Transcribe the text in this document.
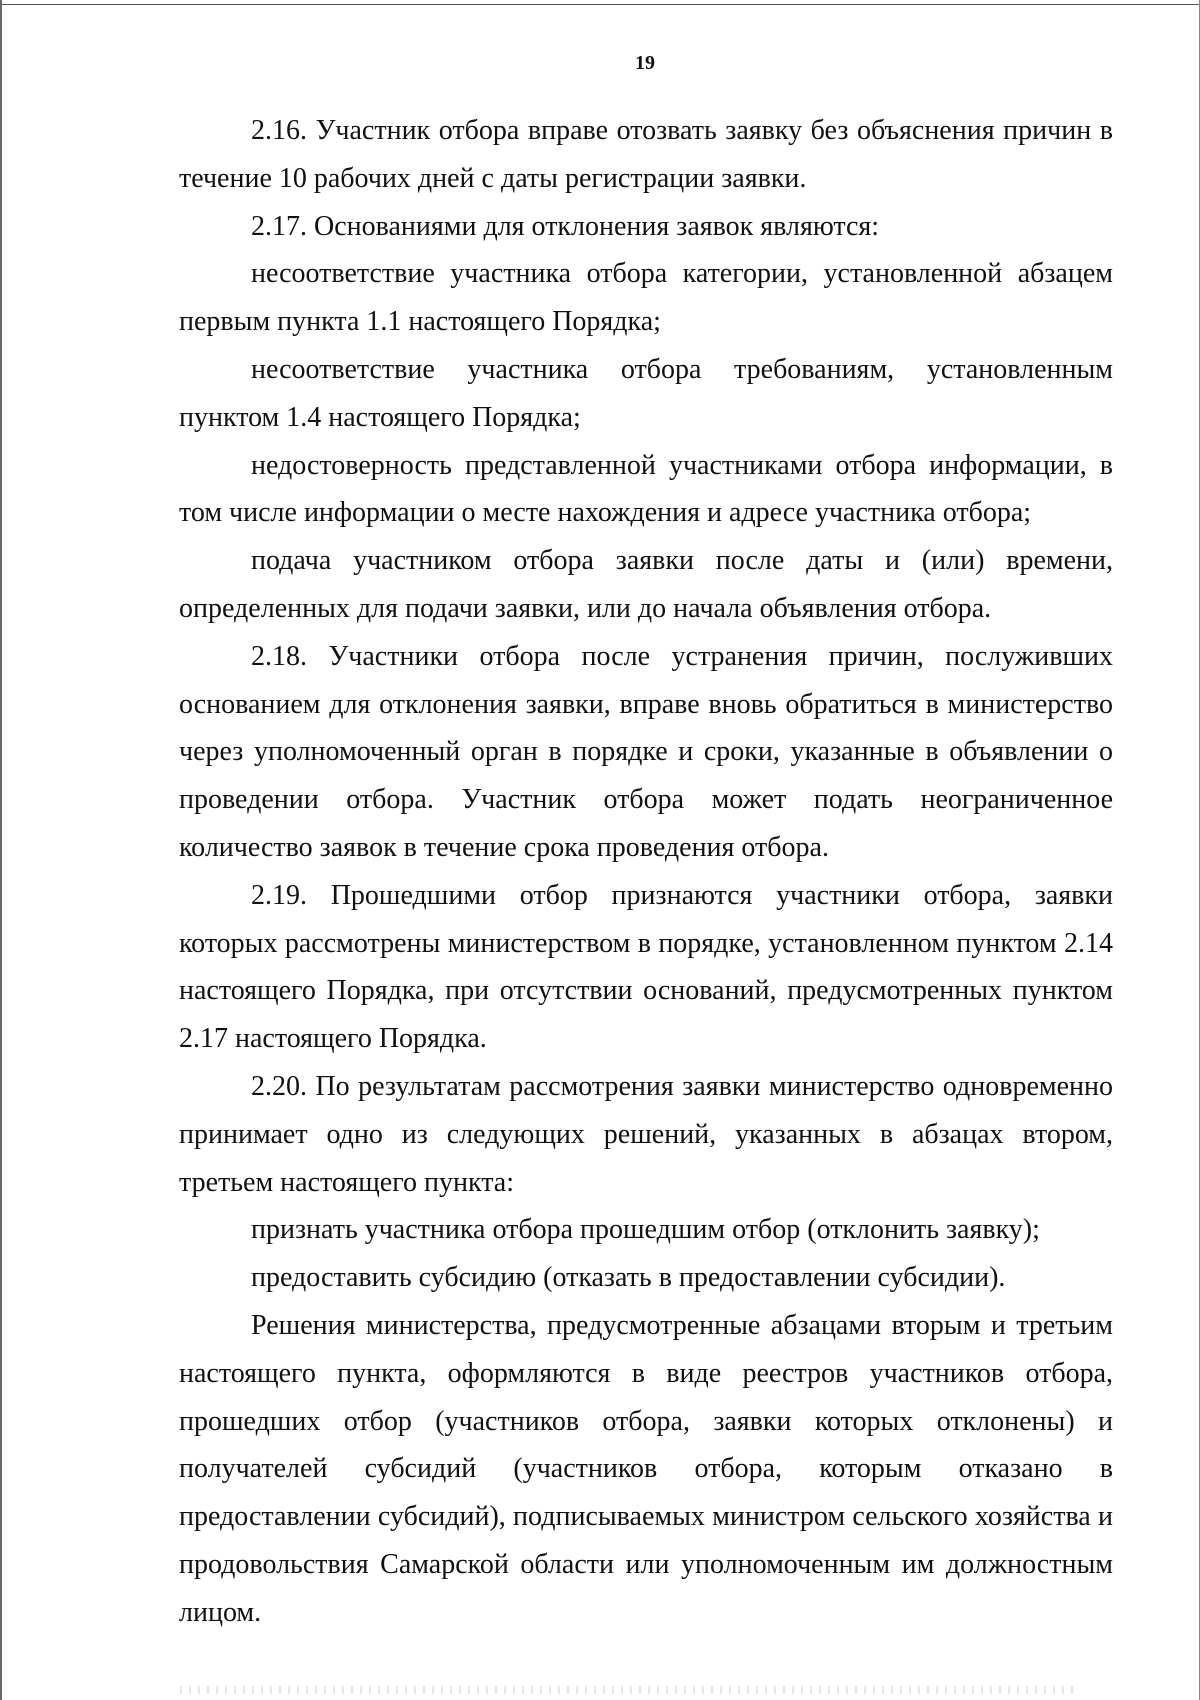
19

2.16. Участник отбора вправе отозвать заявку без объяснения причин в течение 10 рабочих дней с даты регистрации заявки.

2.17. Основаниями для отклонения заявок являются:

несоответствие участника отбора категории, установленной абзацем первым пункта 1.1 настоящего Порядка;

несоответствие участника отбора требованиям, установленным пунктом 1.4 настоящего Порядка;

недостоверность представленной участниками отбора информации, в том числе информации о месте нахождения и адресе участника отбора;

подача участником отбора заявки после даты и (или) времени, определенных для подачи заявки, или до начала объявления отбора.

2.18. Участники отбора после устранения причин, послуживших основанием для отклонения заявки, вправе вновь обратиться в министерство через уполномоченный орган в порядке и сроки, указанные в объявлении о проведении отбора. Участник отбора может подать неограниченное количество заявок в течение срока проведения отбора.

2.19. Прошедшими отбор признаются участники отбора, заявки которых рассмотрены министерством в порядке, установленном пунктом 2.14 настоящего Порядка, при отсутствии оснований, предусмотренных пунктом 2.17 настоящего Порядка.

2.20. По результатам рассмотрения заявки министерство одновременно принимает одно из следующих решений, указанных в абзацах втором, третьем настоящего пункта:

признать участника отбора прошедшим отбор (отклонить заявку);

предоставить субсидию (отказать в предоставлении субсидии).

Решения министерства, предусмотренные абзацами вторым и третьим настоящего пункта, оформляются в виде реестров участников отбора, прошедших отбор (участников отбора, заявки которых отклонены) и получателей субсидий (участников отбора, которым отказано в предоставлении субсидий), подписываемых министром сельского хозяйства и продовольствия Самарской области или уполномоченным им должностным лицом.
